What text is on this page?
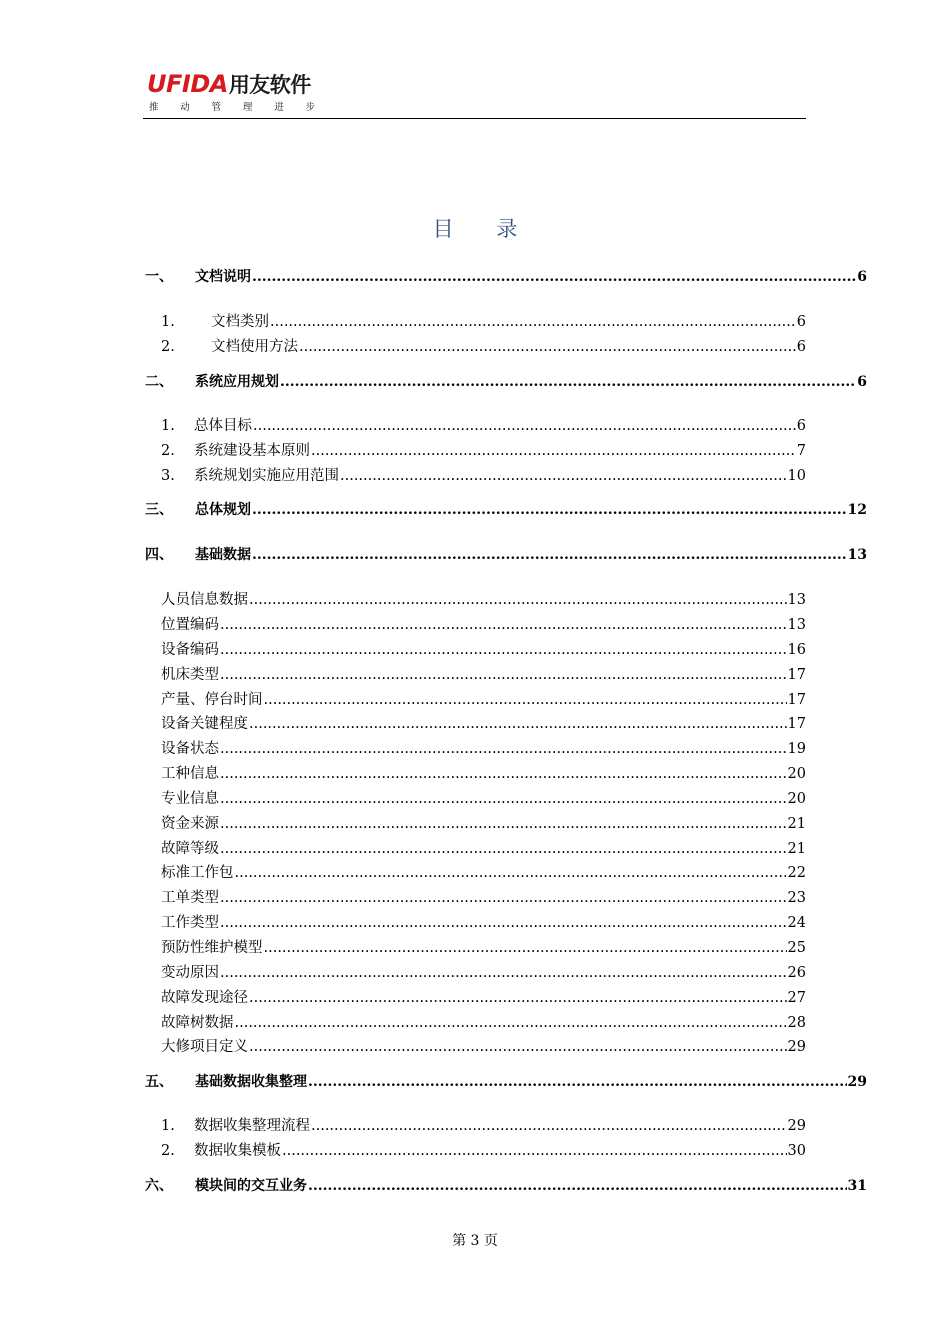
UFIDA用友软件
推 动 管 理 进 步
目 录
一、	文档说明 .....	6
1.	文档类别 .....	6
2.	文档使用方法 .....	6
二、	系统应用规划 .....	6
1.	总体目标 .....	6
2.	系统建设基本原则 .....	7
3.	系统规划实施应用范围 .....	10
三、	总体规划 .....	12
四、	基础数据 .....	13
人员信息数据 .....	13
位置编码 .....	13
设备编码 .....	16
机床类型 .....	17
产量、停台时间 .....	17
设备关键程度 .....	17
设备状态 .....	19
工种信息 .....	20
专业信息 .....	20
资金来源 .....	21
故障等级 .....	21
标准工作包 .....	22
工单类型 .....	23
工作类型 .....	24
预防性维护模型 .....	25
变动原因 .....	26
故障发现途径 .....	27
故障树数据 .....	28
大修项目定义 .....	29
五、	基础数据收集整理 .....	29
1.	数据收集整理流程 .....	29
2.	数据收集模板 .....	30
六、	模块间的交互业务 .....	31
第 3 页
